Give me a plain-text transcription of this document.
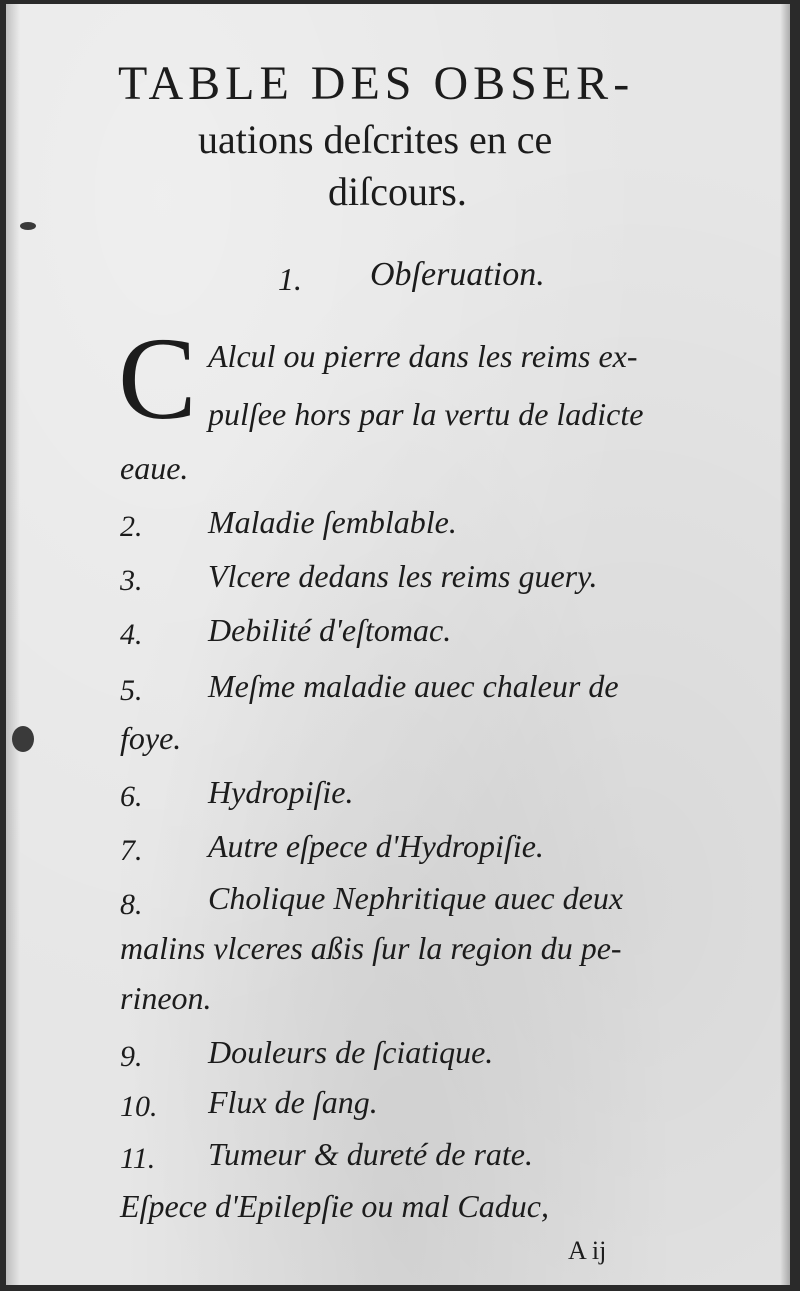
TABLE DES OBSER-
uations deſcrites en ce
diſcours.
1. Obſeruation.
C Alcul ou pierre dans les reims ex-
pulſee hors par la vertu de ladicte
eaue.
2. Maladie ſemblable.
3. Vlcere dedans les reims guery.
4. Debilité d'eſtomac.
5. Meſme maladie auec chaleur de
foye.
6. Hydropiſie.
7. Autre eſpece d'Hydropiſie.
8. Cholique Nephritique auec deux
malins vlceres aßis ſur la region du pe-
rineon.
9. Douleurs de ſciatique.
10. Flux de ſang.
11. Tumeur & dureté de rate.
Eſpece d'Epilepſie ou mal Caduc,
A ij
